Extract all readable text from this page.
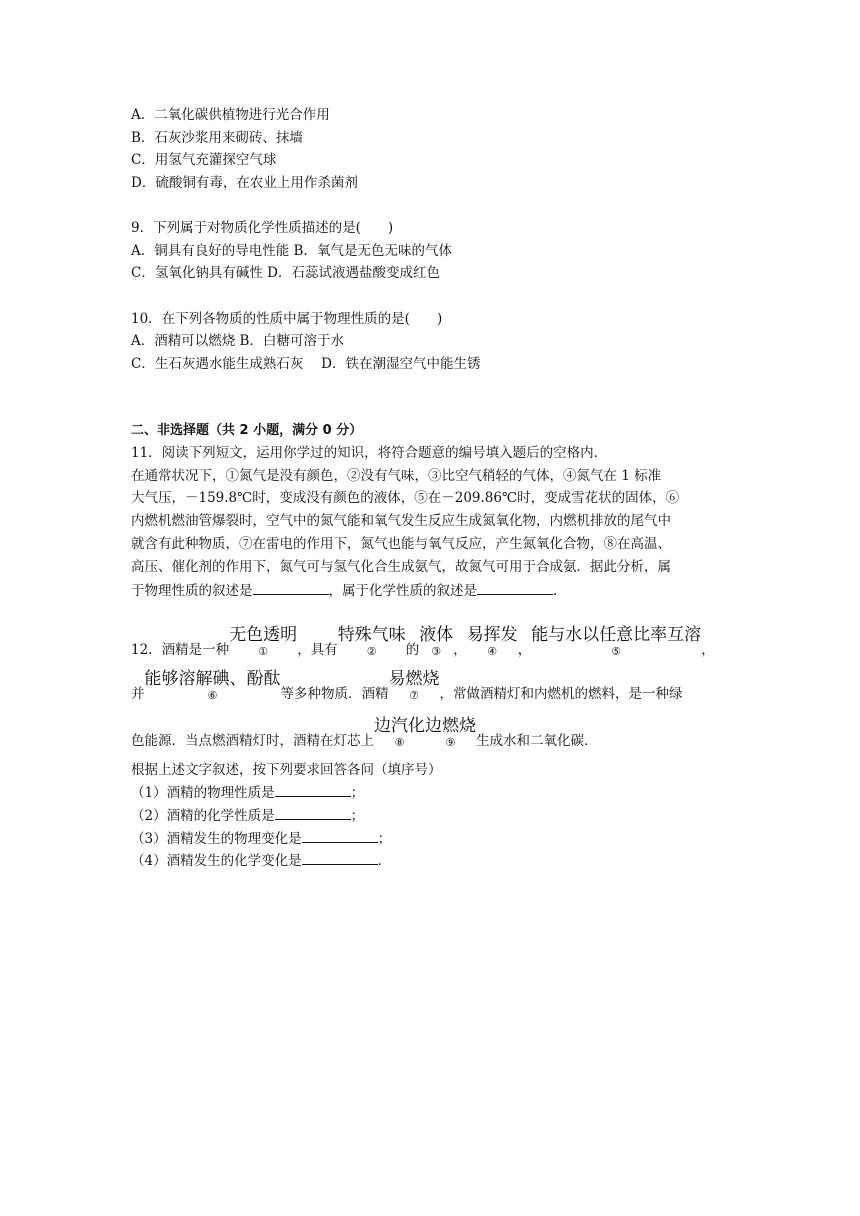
A．二氧化碳供植物进行光合作用
B．石灰沙浆用来砌砖、抹墙
C．用氢气充灌探空气球
D．硫酸铜有毒，在农业上用作杀菌剂
9．下列属于对物质化学性质描述的是(　　)
A．铜具有良好的导电性能 B．氧气是无色无味的气体
C．氢氧化钠具有碱性 D．石蕊试液遇盐酸变成红色
10．在下列各物质的性质中属于物理性质的是(　　)
A．酒精可以燃烧 B．白糖可溶于水
C．生石灰遇水能生成熟石灰　 D．铁在潮湿空气中能生锈
二、非选择题（共 2 小题，满分 0 分）
11．阅读下列短文，运用你学过的知识，将符合题意的编号填入题后的空格内．
在通常状况下，①氮气是没有颜色，②没有气味，③比空气稍轻的气体，④氮气在 1 标准
大气压，－159.8℃时，变成没有颜色的液体，⑤在－209.86℃时，变成雪花状的固体，⑥
内燃机燃油管爆裂时，空气中的氮气能和氧气发生反应生成氮氧化物，内燃机排放的尾气中
就含有此种物质，⑦在雷电的作用下，氮气也能与氧气反应，产生氮氧化合物，⑧在高温、
高压、催化剂的作用下，氮气可与氢气化合生成氨气，故氮气可用于合成氨．据此分析，属
于物理性质的叙述是	，属于化学性质的叙述是	．
12．酒精是一种
无色透明
①	，具有
特殊气味
②	的
液体
③ ，
易挥发
④	，
能与水以任意比率互溶
⑤	，
并
能够溶解碘、酚酞
⑥	等多种物质．酒精
易燃烧
⑦	，常做酒精灯和内燃机的燃料，是一种绿
色能源．当点燃酒精灯时，酒精在灯芯上
边汽化
⑧
边燃烧
⑨	生成水和二氧化碳．
根据上述文字叙述，按下列要求回答各问（填序号）
（1）酒精的物理性质是	；
（2）酒精的化学性质是	；
（3）酒精发生的物理变化是	；
（4）酒精发生的化学变化是	．
